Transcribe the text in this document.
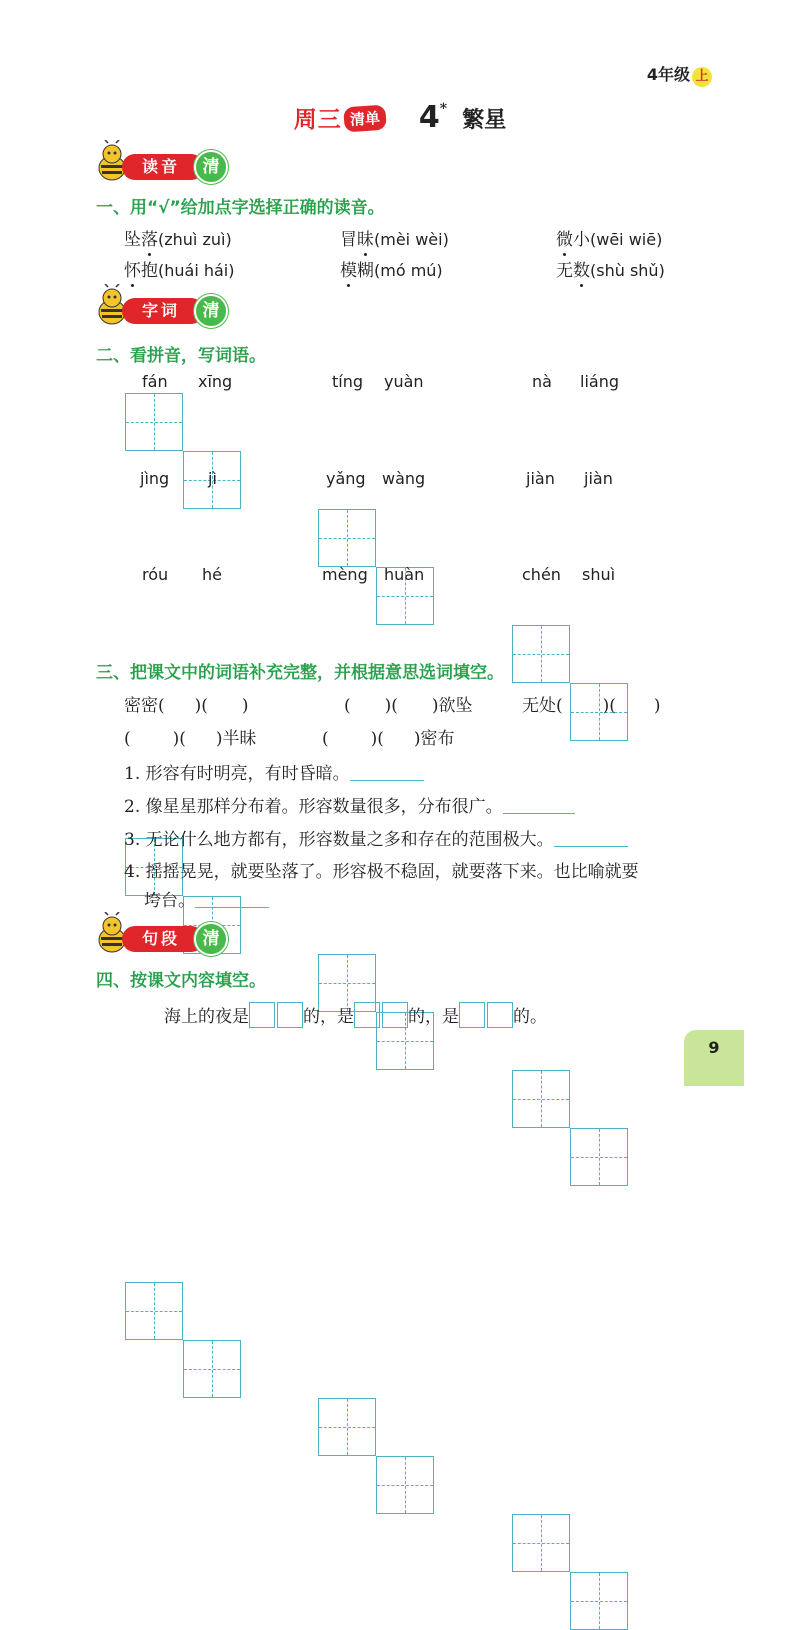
4年级 上
周三 清单 4* 繁星
读音	清
一、用“√”给加点字选择正确的读音。
坠落(zhuì zuì)	冒昧(mèi wèi)	微小(wēi wiē)
怀抱(huái hái)	模糊(mó mú)	无数(shù shǔ)
字词	清
二、看拼音，写词语。
fán xīng	tíng yuàn	nà liáng
jìng jì	yǎng wàng	jiàn jiàn
róu hé	mèng huàn	chén shuì
三、把课文中的词语补充完整，并根据意思选词填空。
密密( )( )	( )( )欲坠	无处( )( )
( )( )半昧	( )( )密布
1. 形容有时明亮，有时昏暗。
2. 像星星那样分布着。形容数量很多，分布很广。
3. 无论什么地方都有，形容数量之多和存在的范围极大。
4. 摇摇晃晃，就要坠落了。形容极不稳固，就要落下来。也比喻就要
垮台。
句段	清
四、按课文内容填空。
海上的夜是	的，是	的，是	的。
9
